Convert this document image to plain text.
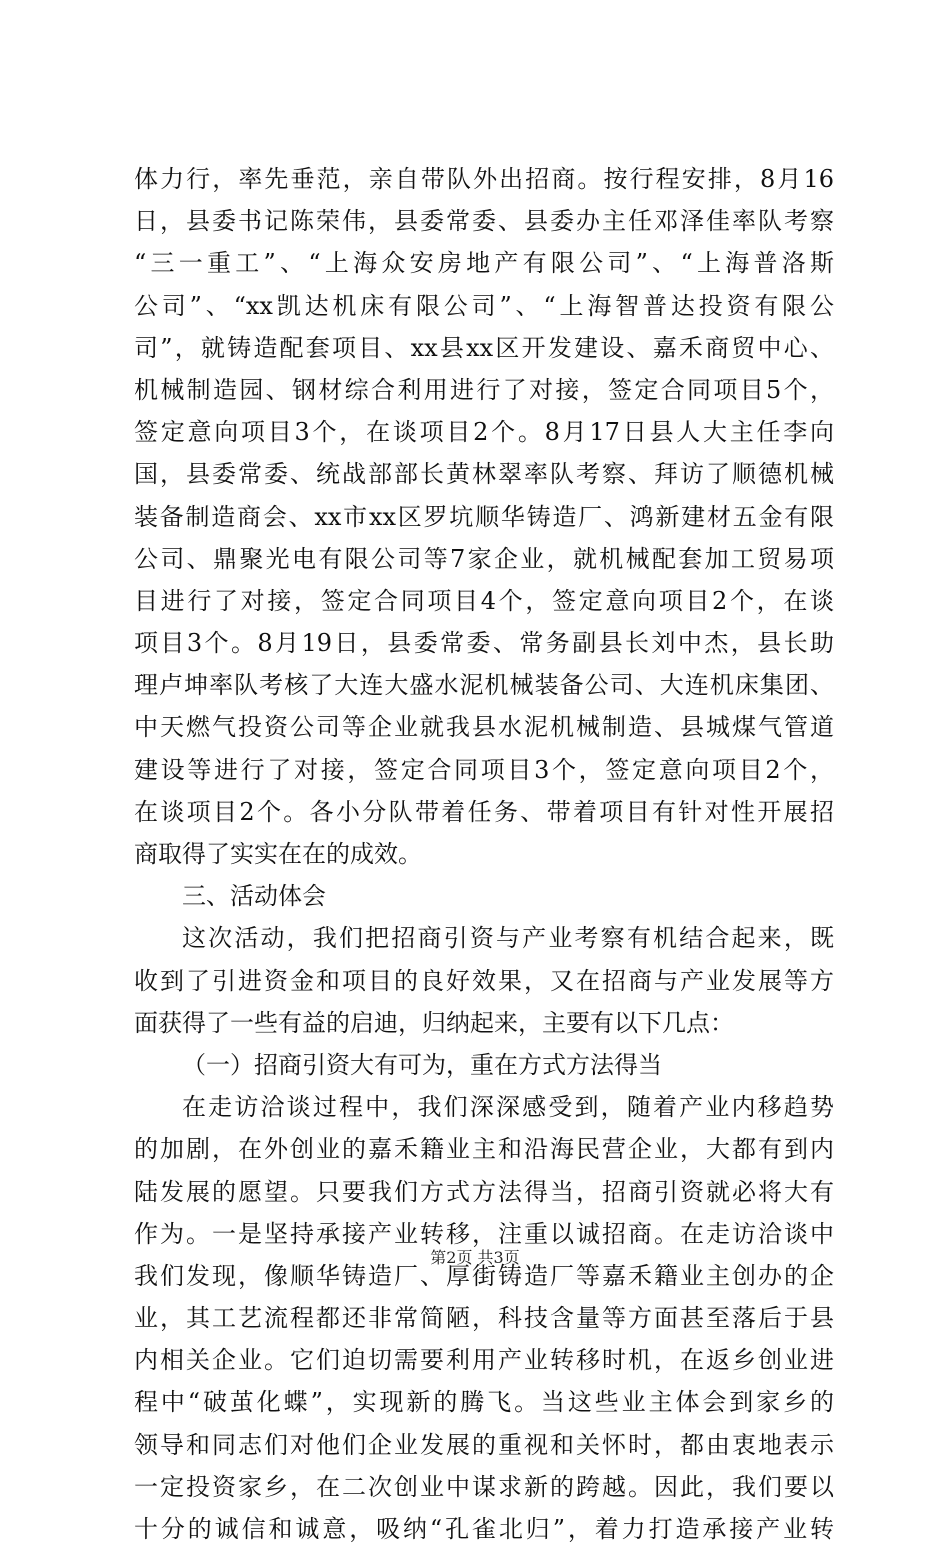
体力行，率先垂范，亲自带队外出招商。按行程安排，8月16
日，县委书记陈荣伟，县委常委、县委办主任邓泽佳率队考察
“三一重工”、“上海众安房地产有限公司”、“上海普洛斯
公司”、“xx凯达机床有限公司”、“上海智普达投资有限公
司”，就铸造配套项目、xx县xx区开发建设、嘉禾商贸中心、
机械制造园、钢材综合利用进行了对接，签定合同项目5个，
签定意向项目3个，在谈项目2个。8月17日县人大主任李向
国，县委常委、统战部部长黄林翠率队考察、拜访了顺德机械
装备制造商会、xx市xx区罗坑顺华铸造厂、鸿新建材五金有限
公司、鼎聚光电有限公司等7家企业，就机械配套加工贸易项
目进行了对接，签定合同项目4个，签定意向项目2个，在谈
项目3个。8月19日，县委常委、常务副县长刘中杰，县长助
理卢坤率队考核了大连大盛水泥机械装备公司、大连机床集团、
中天燃气投资公司等企业就我县水泥机械制造、县城煤气管道
建设等进行了对接，签定合同项目3个，签定意向项目2个，
在谈项目2个。各小分队带着任务、带着项目有针对性开展招
商取得了实实在在的成效。
三、活动体会
这次活动，我们把招商引资与产业考察有机结合起来，既
收到了引进资金和项目的良好效果，又在招商与产业发展等方
面获得了一些有益的启迪，归纳起来，主要有以下几点：
（一）招商引资大有可为，重在方式方法得当
在走访洽谈过程中，我们深深感受到，随着产业内移趋势
的加剧，在外创业的嘉禾籍业主和沿海民营企业，大都有到内
陆发展的愿望。只要我们方式方法得当，招商引资就必将大有
作为。一是坚持承接产业转移，注重以诚招商。在走访洽谈中
我们发现，像顺华铸造厂、厚街铸造厂等嘉禾籍业主创办的企
业，其工艺流程都还非常简陋，科技含量等方面甚至落后于县
内相关企业。它们迫切需要利用产业转移时机，在返乡创业进
程中“破茧化蝶”，实现新的腾飞。当这些业主体会到家乡的
领导和同志们对他们企业发展的重视和关怀时，都由衷地表示
一定投资家乡，在二次创业中谋求新的跨越。因此，我们要以
十分的诚信和诚意，吸纳“孔雀北归”，着力打造承接产业转
第2页 共3页
